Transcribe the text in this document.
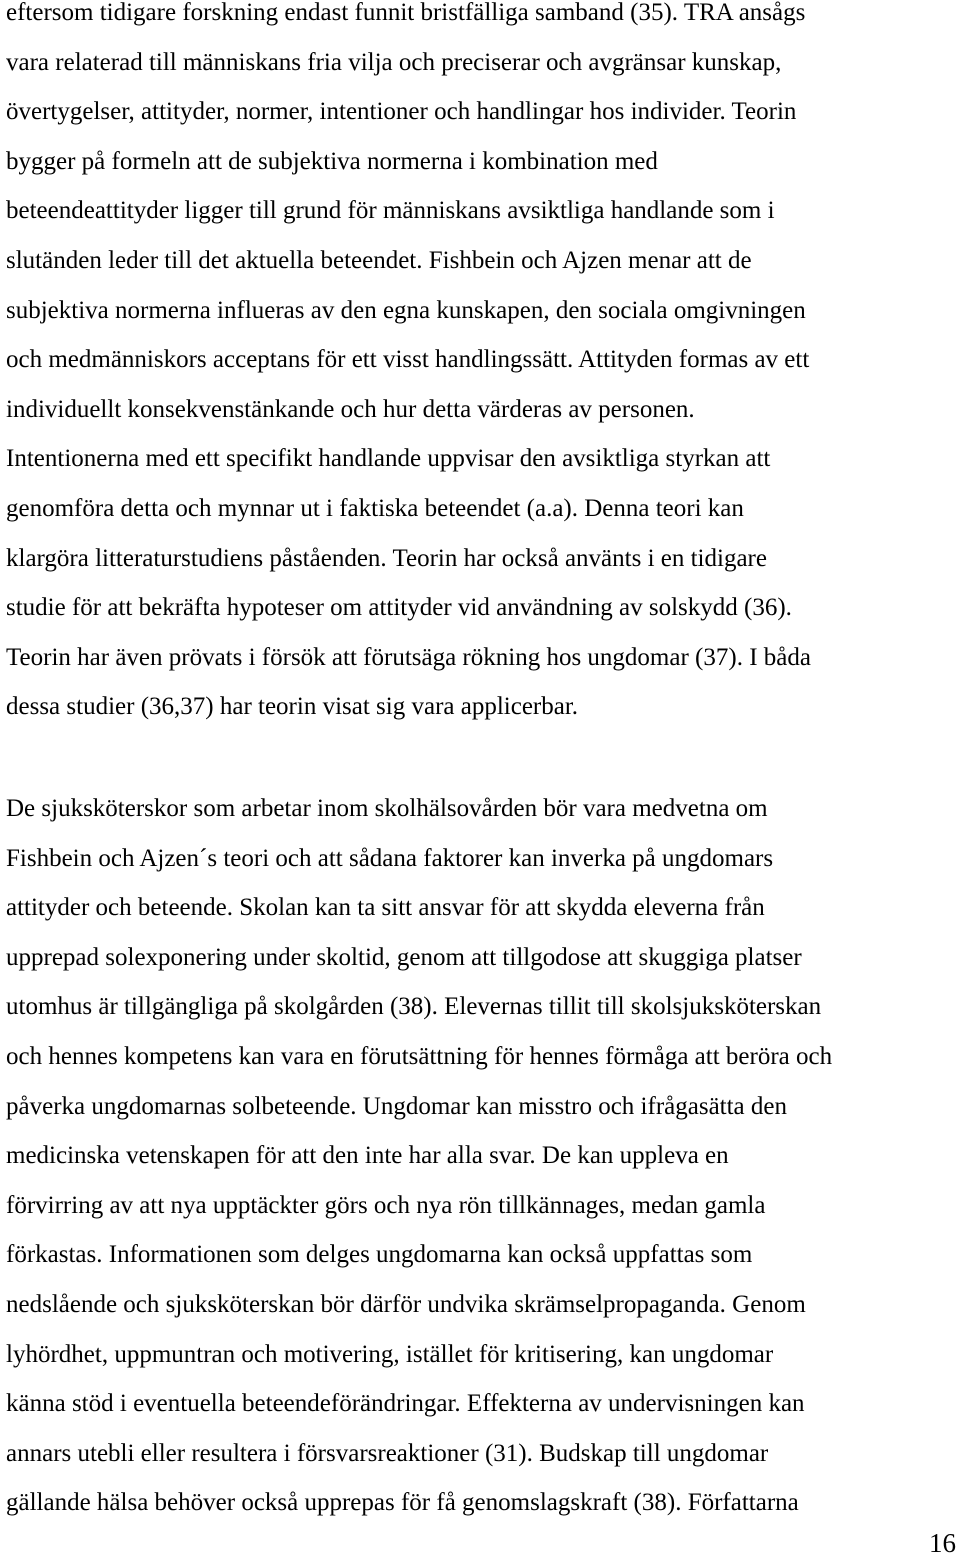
eftersom tidigare forskning endast funnit bristfälliga samband (35). TRA ansågs
vara relaterad till människans fria vilja och preciserar och avgränsar kunskap,
övertygelser, attityder, normer, intentioner och handlingar hos individer. Teorin
bygger på formeln att de subjektiva normerna i kombination med
beteendeattityder ligger till grund för människans avsiktliga handlande som i
slutänden leder till det aktuella beteendet. Fishbein och Ajzen menar att de
subjektiva normerna influeras av den egna kunskapen, den sociala omgivningen
och medmänniskors acceptans för ett visst handlingssätt. Attityden formas av ett
individuellt konsekvenstänkande och hur detta värderas av personen.
Intentionerna med ett specifikt handlande uppvisar den avsiktliga styrkan att
genomföra detta och mynnar ut i faktiska beteendet (a.a). Denna teori kan
klargöra litteraturstudiens påståenden. Teorin har också använts i en tidigare
studie för att bekräfta hypoteser om attityder vid användning av solskydd (36).
Teorin har även prövats i försök att förutsäga rökning hos ungdomar (37). I båda
dessa studier (36,37) har teorin visat sig vara applicerbar.
De sjuksköterskor som arbetar inom skolhälsovården bör vara medvetna om
Fishbein och Ajzen´s teori och att sådana faktorer kan inverka på ungdomars
attityder och beteende. Skolan kan ta sitt ansvar för att skydda eleverna från
upprepad solexponering under skoltid, genom att tillgodose att skuggiga platser
utomhus är tillgängliga på skolgården (38). Elevernas tillit till skolsjuksköterskan
och hennes kompetens kan vara en förutsättning för hennes förmåga att beröra och
påverka ungdomarnas solbeteende. Ungdomar kan misstro och ifrågasätta den
medicinska vetenskapen för att den inte har alla svar. De kan uppleva en
förvirring av att nya upptäckter görs och nya rön tillkännages, medan gamla
förkastas. Informationen som delges ungdomarna kan också uppfattas som
nedslående och sjuksköterskan bör därför undvika skrämselpropaganda. Genom
lyhördhet, uppmuntran och motivering, istället för kritisering, kan ungdomar
känna stöd i eventuella beteendeförändringar. Effekterna av undervisningen kan
annars utebli eller resultera i försvarsreaktioner (31). Budskap till ungdomar
gällande hälsa behöver också upprepas för få genomslagskraft (38). Författarna
16
